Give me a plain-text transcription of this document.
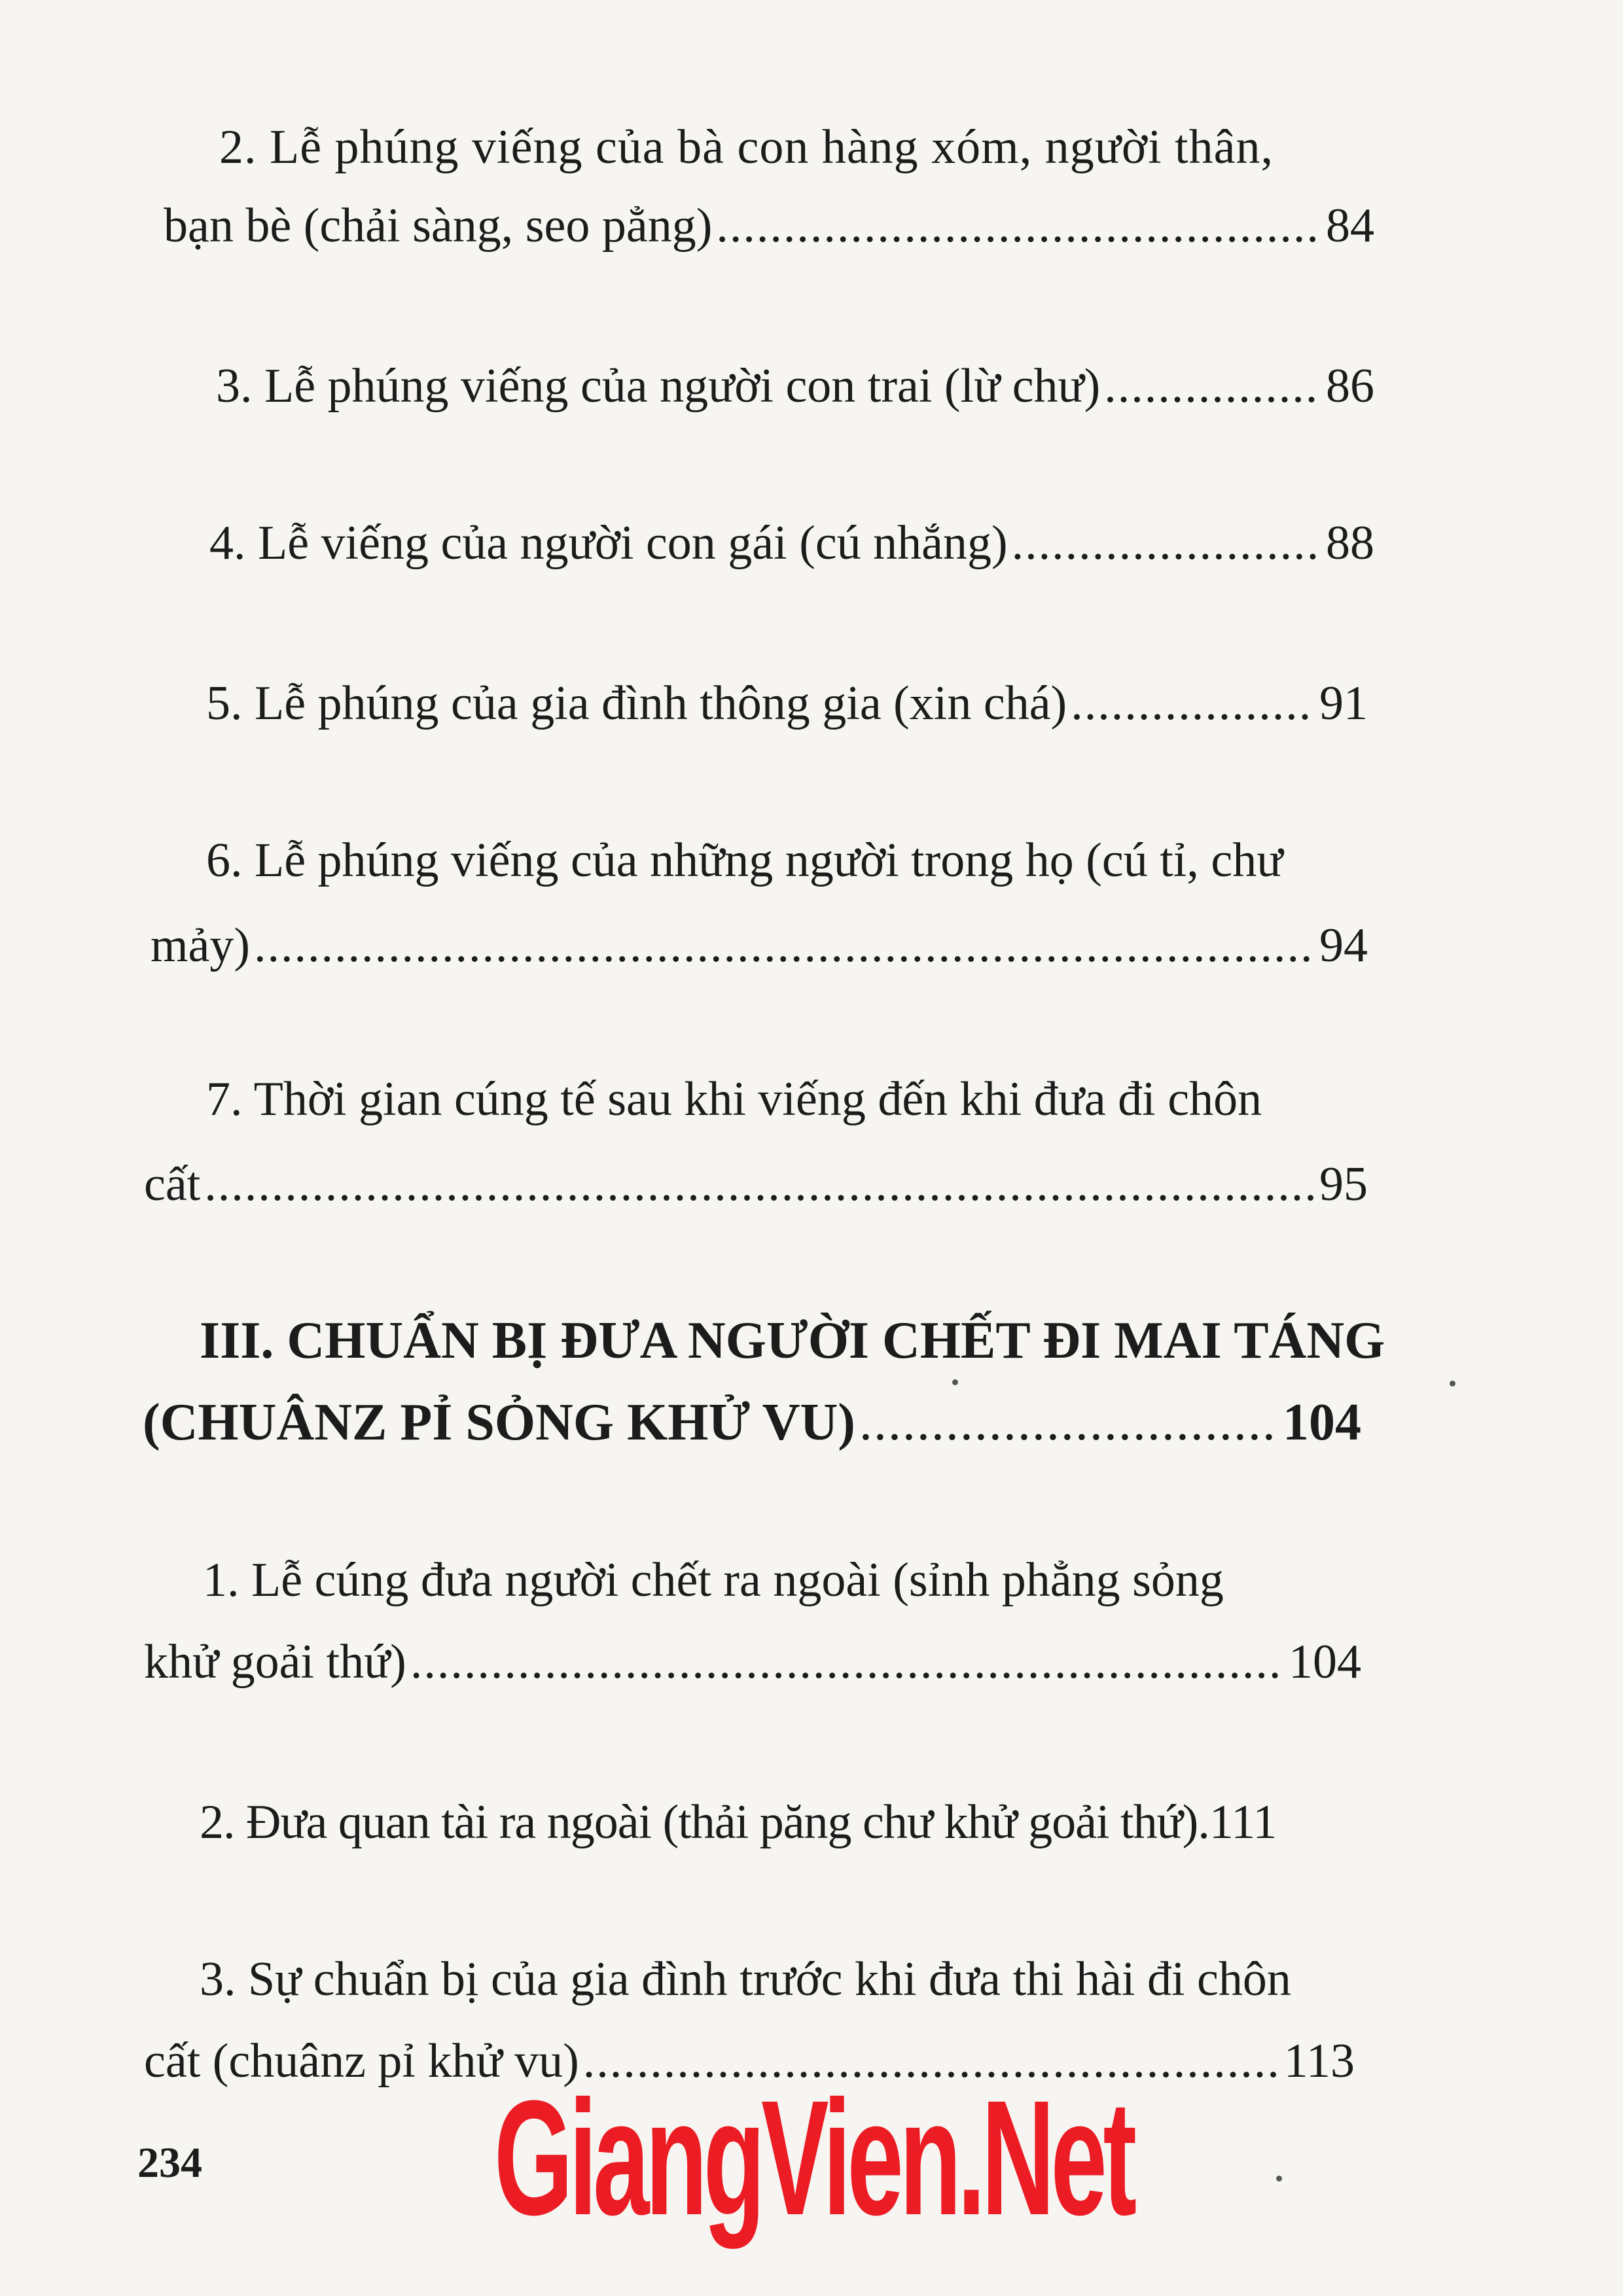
2. Lễ phúng viếng của bà con hàng xóm, người thân,
bạn bè (chải sàng, seo pẳng) .....	84
3. Lễ phúng viếng của người con trai (lừ chư) .....	86
4. Lễ viếng của người con gái (cú nhắng) .....	88
5. Lễ phúng của gia đình thông gia (xin chá) .....	91
6. Lễ phúng viếng của những người trong họ (cú tỉ, chư
mảy) .....	94
7. Thời gian cúng tế sau khi viếng đến khi đưa đi chôn
cất .....	95
III. CHUẨN BỊ ĐƯA NGƯỜI CHẾT ĐI MAI TÁNG
(CHUÂNZ PỈ SỎNG KHỬ VU) .....	104
1. Lễ cúng đưa người chết ra ngoài (sỉnh phẳng sỏng
khử goải thứ) .....	104
2. Đưa quan tài ra ngoài (thải păng chư khử goải thứ).111
3. Sự chuẩn bị của gia đình trước khi đưa thi hài đi chôn
cất (chuânz pỉ khử vu) .....	113
234 GiangVien.Net
